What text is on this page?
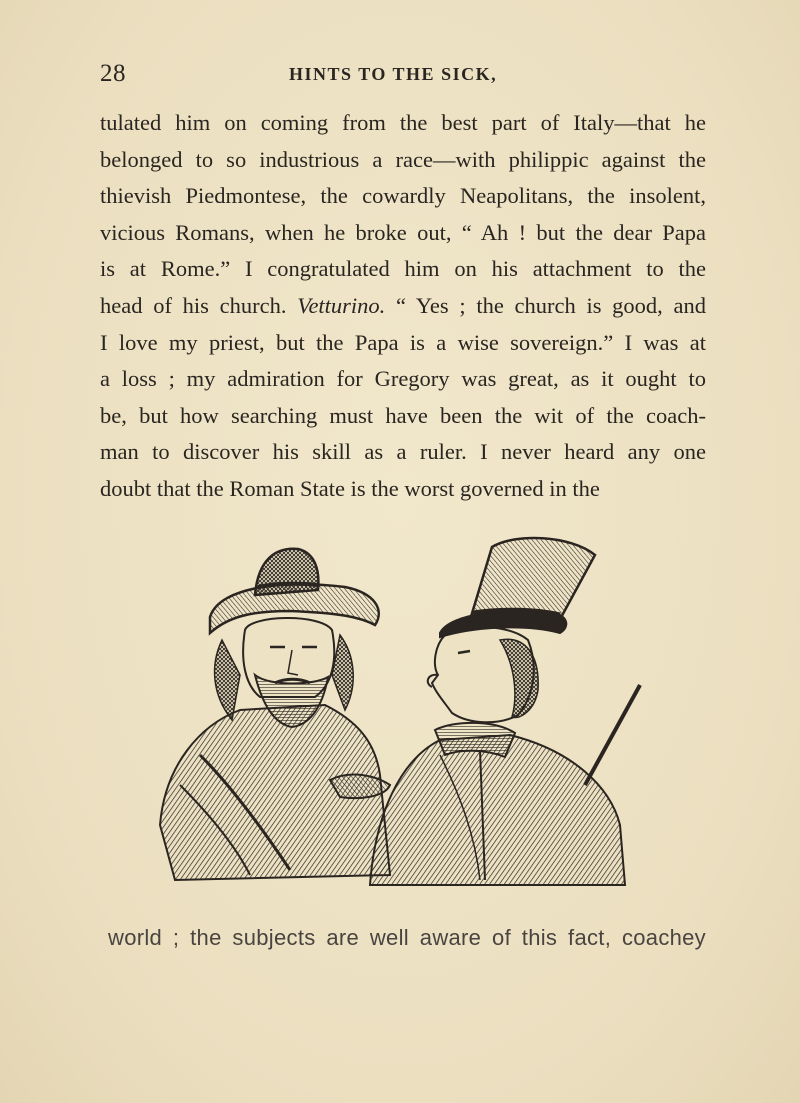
28	HINTS TO THE SICK,
tulated him on coming from the best part of Italy—that he
belonged to so industrious a race—with philippic against the
thievish Piedmontese, the cowardly Neapolitans, the insolent,
vicious Romans, when he broke out, “ Ah ! but the dear Papa
is at Rome.” I congratulated him on his attachment to the
head of his church. Vetturino. “ Yes ; the church is good, and
I love my priest, but the Papa is a wise sovereign.” I was at
a loss ; my admiration for Gregory was great, as it ought to
be, but how searching must have been the wit of the coach-
man to discover his skill as a ruler. I never heard any one
doubt that the Roman State is the worst governed in the
world ; the subjects are well aware of this fact, coachey
